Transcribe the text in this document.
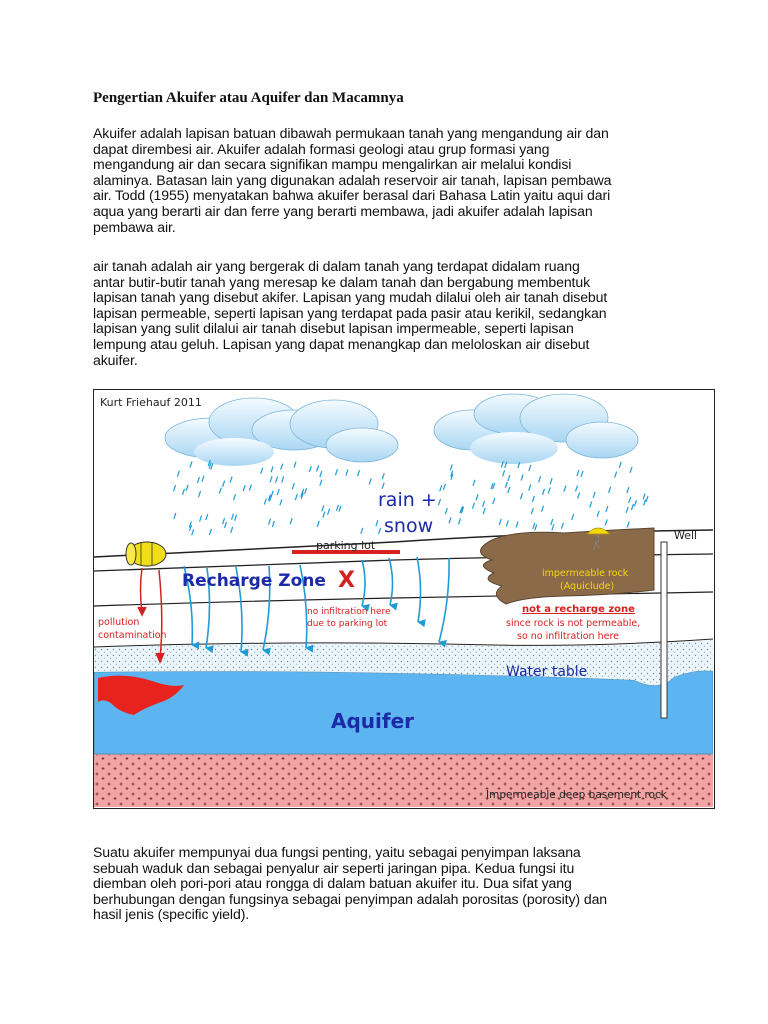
Pengertian Akuifer atau Aquifer dan Macamnya
Akuifer adalah lapisan batuan dibawah permukaan tanah yang mengandung air dan
dapat dirembesi air. Akuifer adalah formasi geologi atau grup formasi yang
mengandung air dan secara signifikan mampu mengalirkan air melalui kondisi
alaminya. Batasan lain yang digunakan adalah reservoir air tanah, lapisan pembawa
air. Todd (1955) menyatakan bahwa akuifer berasal dari Bahasa Latin yaitu aqui dari
aqua yang berarti air dan ferre yang berarti membawa, jadi akuifer adalah lapisan
pembawa air.
air tanah adalah air yang bergerak di dalam tanah yang terdapat didalam ruang
antar butir-butir tanah yang meresap ke dalam tanah dan bergabung membentuk
lapisan tanah yang disebut akifer. Lapisan yang mudah dilalui oleh air tanah disebut
lapisan permeable, seperti lapisan yang terdapat pada pasir atau kerikil, sedangkan
lapisan yang sulit dilalui air tanah disebut lapisan impermeable, seperti lapisan
lempung atau geluh. Lapisan yang dapat menangkap dan meloloskan air disebut
akuifer.
X
Kurt Friehauf 2011
rain +
snow
parking lot
Well
Recharge Zone
no infiltration here
due to parking lot
pollution
contamination
impermeable rock
(Aquiclude)
not a recharge zone
since rock is not permeable,
so no infiltration here
Water table
Aquifer
Impermeable deep basement rock
Suatu akuifer mempunyai dua fungsi penting, yaitu sebagai penyimpan laksana
sebuah waduk dan sebagai penyalur air seperti jaringan pipa. Kedua fungsi itu
diemban oleh pori-pori atau rongga di dalam batuan akuifer itu. Dua sifat yang
berhubungan dengan fungsinya sebagai penyimpan adalah porositas (porosity) dan
hasil jenis (specific yield).
